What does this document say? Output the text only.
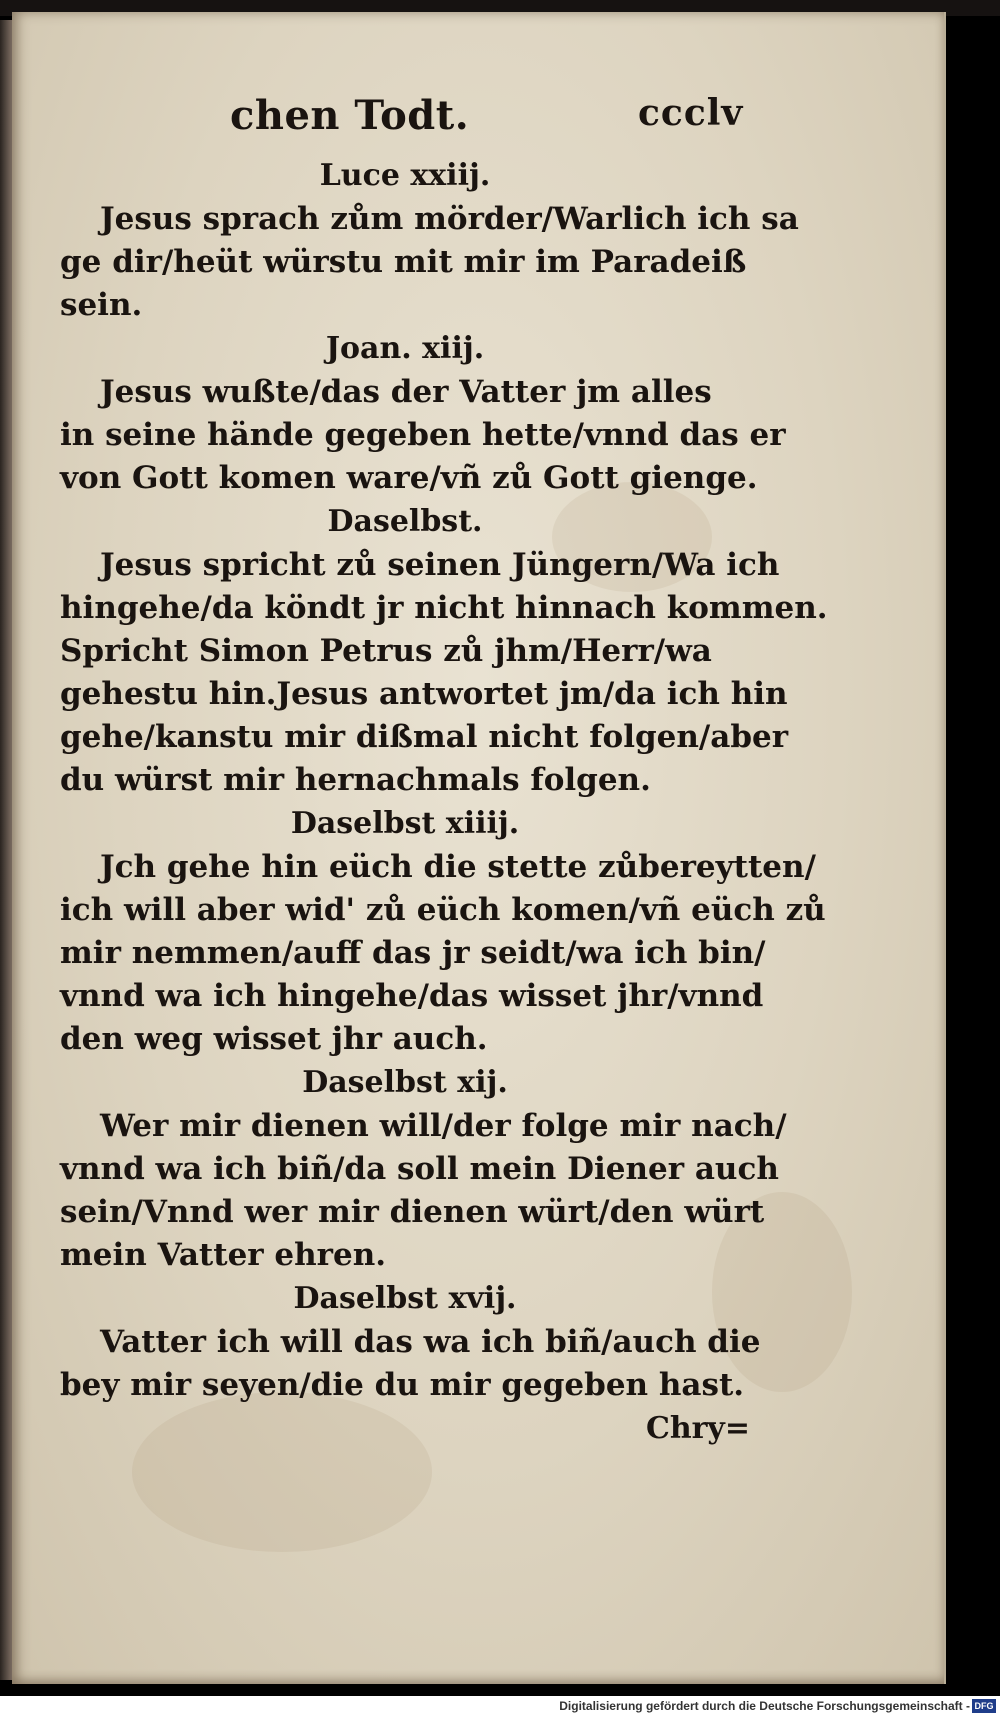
chen Todt.	ccclv

Luce xxiij.

Jesus sprach zům mörder/Warlich ich sa

ge dir/heüt würstu mit mir im Paradeiß

sein.

Joan. xiij.

Jesus wußte/das der Vatter jm alles

in seine hände gegeben hette/vnnd das er

von Gott komen ware/vñ zů Gott gienge.

Daselbst.

Jesus spricht zů seinen Jüngern/Wa ich

hingehe/da köndt jr nicht hinnach kommen.

Spricht Simon Petrus zů jhm/Herr/wa

gehestu hin.Jesus antwortet jm/da ich hin

gehe/kanstu mir dißmal nicht folgen/aber

du würst mir hernachmals folgen.

Daselbst xiiij.

Jch gehe hin eüch die stette zůbereytten/

ich will aber wid' zů eüch komen/vñ eüch zů

mir nemmen/auff das jr seidt/wa ich bin/

vnnd wa ich hingehe/das wisset jhr/vnnd

den weg wisset jhr auch.

Daselbst xij.

Wer mir dienen will/der folge mir nach/

vnnd wa ich biñ/da soll mein Diener auch

sein/Vnnd wer mir dienen würt/den würt

mein Vatter ehren.

Daselbst xvij.

Vatter ich will das wa ich biñ/auch die

bey mir seyen/die du mir gegeben hast.

Chry=

Digitalisierung gefördert durch die Deutsche Forschungsgemeinschaft - DFG
